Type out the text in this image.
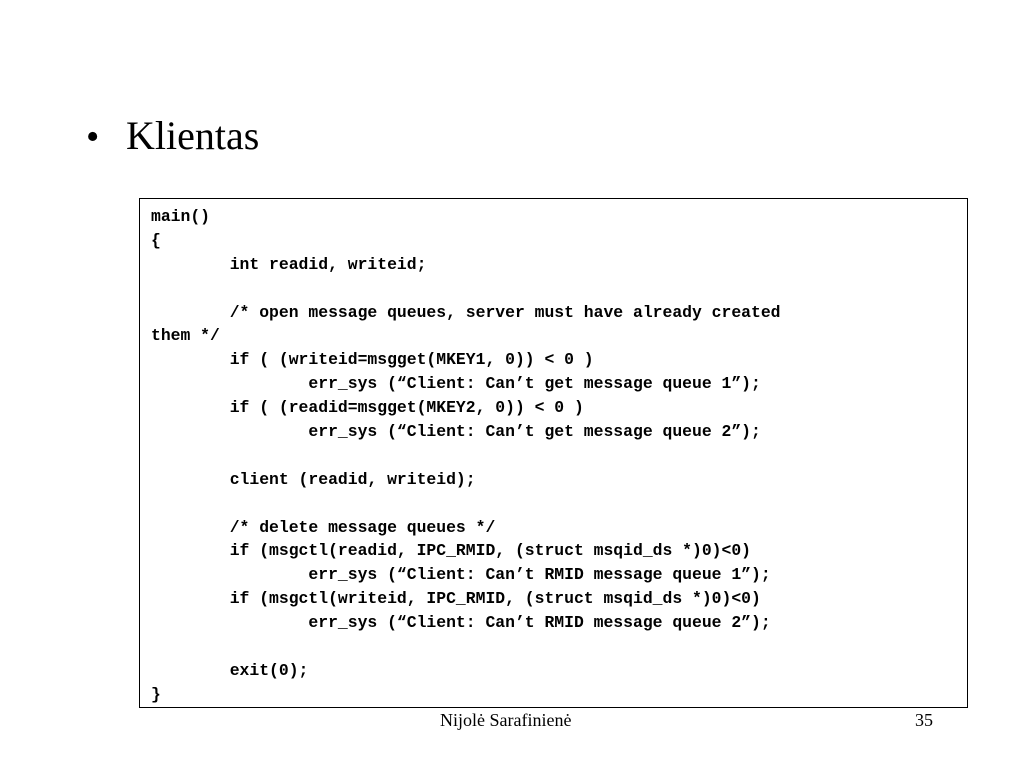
• Klientas
main()
{
	int readid, writeid;
	/* open message queues, server must have already created
them */
	if ( (writeid=msgget(MKEY1, 0)) < 0 )
		err_sys (“Client: Can’t get message queue 1”);
	if ( (readid=msgget(MKEY2, 0)) < 0 )
		err_sys (“Client: Can’t get message queue 2”);
	client (readid, writeid);
	/* delete message queues */
	if (msgctl(readid, IPC_RMID, (struct msqid_ds *)0)<0)
		err_sys (“Client: Can’t RMID message queue 1”);
	if (msgctl(writeid, IPC_RMID, (struct msqid_ds *)0)<0)
		err_sys (“Client: Can’t RMID message queue 2”);
	exit(0);
}
Nijolė Sarafinienė	35
